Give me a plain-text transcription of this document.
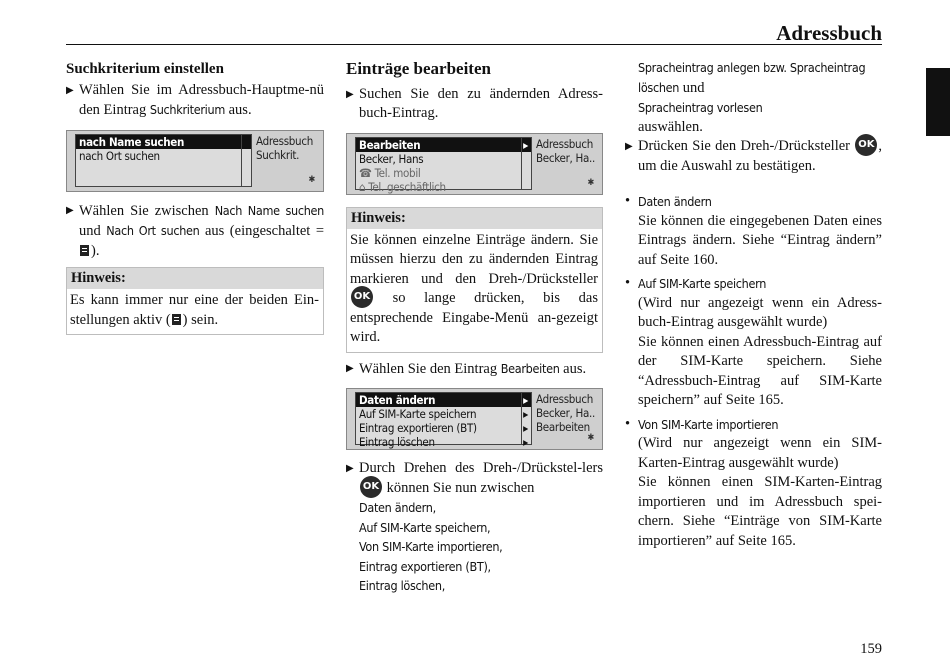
Adressbuch
Suchkriterium einstellen
▶ Wählen Sie im Adressbuch-Hauptme-nü den Eintrag Suchkriterium aus.
nach Name suchen
nach Ort suchen
Adressbuch
Suchkrit.
✱
▶ Wählen Sie zwischen Nach Name suchen und Nach Ort suchen aus (eingeschaltet =
).
Hinweis:
Es kann immer nur eine der beiden Ein-stellungen aktiv ( ) sein.
Einträge bearbeiten
▶ Suchen Sie den zu ändernden Adress-buch-Eintrag.
Bearbeiten	▸
Becker, Hans
☎ Tel. mobil
⌂ Tel. geschäftlich
Adressbuch
Becker, Ha..
✱
Hinweis:
Sie können einzelne Einträge ändern. Sie müssen hierzu den zu ändernden Eintrag markieren und den Dreh-/Drücksteller OK so lange drücken, bis das entsprechende Eingabe-Menü an-gezeigt wird.
▶ Wählen Sie den Eintrag Bearbeiten aus.
Daten ändern	▸
Auf SIM-Karte speichern	▸
Eintrag exportieren (BT)	▸
Eintrag löschen	▸
Adressbuch
Becker, Ha..
Bearbeiten
✱
▶ Durch Drehen des Dreh-/Drückstel-lers OK können Sie nun zwischen
Daten ändern,
Auf SIM-Karte speichern,
Von SIM-Karte importieren,
Eintrag exportieren (BT),
Eintrag löschen,
Spracheintrag anlegen bzw. Spracheintrag
löschen und
Spracheintrag vorlesen
auswählen.
▶ Drücken Sie den Dreh-/Drücksteller OK , um die Auswahl zu bestätigen.
• Daten ändern

Sie können die eingegebenen Daten eines Eintrags ändern. Siehe “Eintrag ändern” auf Seite 160.

• Auf SIM-Karte speichern

(Wird nur angezeigt wenn ein Adress-buch-Eintrag ausgewählt wurde)

Sie können einen Adressbuch-Eintrag auf der SIM-Karte speichern. Siehe “Adressbuch-Eintrag auf SIM-Karte speichern” auf Seite 165.

• Von SIM-Karte importieren

(Wird nur angezeigt wenn ein SIM-Karten-Eintrag ausgewählt wurde)

Sie können einen SIM-Karten-Eintrag importieren und im Adressbuch spei-chern. Siehe “Einträge von SIM-Karte importieren” auf Seite 165.

159
